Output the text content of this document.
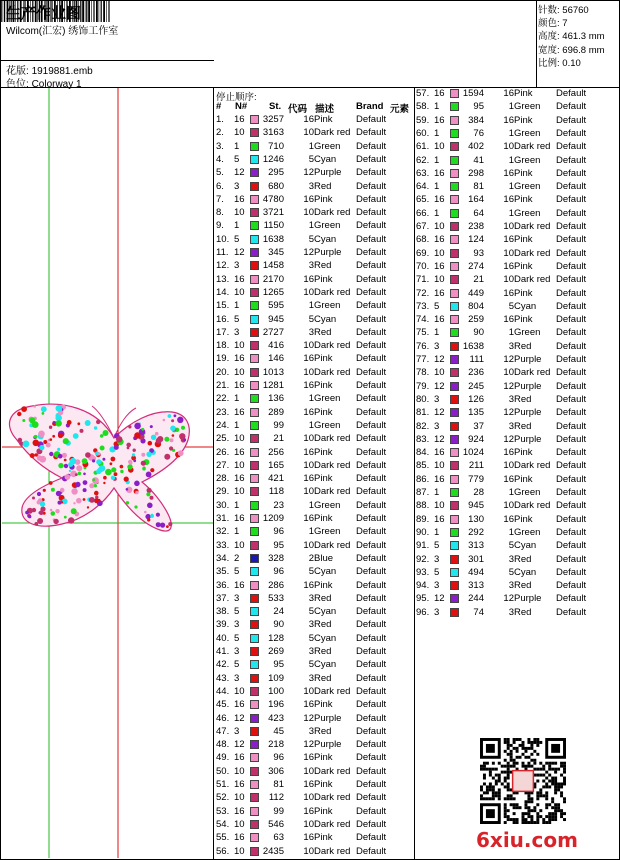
生产作业图
Wilcom(汇宏) 绣饰工作室
花版: 1919881.emb
色位: Colorway 1
针数: 56760
颜色: 7
高度: 461.3 mm
宽度: 696.8 mm
比例: 0.10
停止顺序:
# N# St. 代码 描述 Brand 元素
1. 16	3257	16 Pink Default
2. 10	3163	10 Dark red Default
3. 1	710	1 Green Default
4. 5	1246	5 Cyan Default
5. 12	295	12 Purple Default
6. 3	680	3 Red	Default
7. 16	4780	16 Pink Default
8. 10	3721	10 Dark red Default
9. 1	1150	1 Green Default
10. 5	1638	5 Cyan Default
11. 12	345	12 Purple Default
12. 3	1458	3 Red	Default
13. 16	2170	16 Pink Default
14. 10	1265	10 Dark red Default
15. 1	595	1 Green Default
16. 5	945	5 Cyan Default
17. 3	2727	3 Red	Default
18. 10	416	10 Dark red Default
19. 16	146	16 Pink Default
20. 10	1013	10 Dark red Default
21. 16	1281	16 Pink Default
22. 1	136	1 Green Default
23. 16	289	16 Pink Default
24. 1	99	1 Green Default
25. 10	21	10 Dark red Default
26. 16	256	16 Pink Default
27. 10	165	10 Dark red Default
28. 16	421	16 Pink Default
29. 10	118	10 Dark red Default
30. 1	23	1 Green Default
31. 16	1209	16 Pink Default
32. 1	96	1 Green Default
33. 10	95	10 Dark red Default
34. 2	328	2 Blue Default
35. 5	96	5 Cyan Default
36. 16	286	16 Pink Default
37. 3	533	3 Red	Default
38. 5	24	5 Cyan Default
39. 3	90	3 Red	Default
40. 5	128	5 Cyan Default
41. 3	269	3 Red	Default
42. 5	95	5 Cyan Default
43. 3	109	3 Red	Default
44. 10	100	10 Dark red Default
45. 16	196	16 Pink Default
46. 12	423	12 Purple Default
47. 3	45	3 Red	Default
48. 12	218	12 Purple Default
49. 16	96	16 Pink Default
50. 10	306	10 Dark red Default
51. 16	81	16 Pink Default
52. 10	112	10 Dark red Default
53. 16	99	16 Pink Default
54. 10	546	10 Dark red Default
55. 16	63	16 Pink Default
56. 10	2435	10 Dark red Default
57. 16	1594	16 Pink Default
58. 1	95	1 Green Default
59. 16	384	16 Pink Default
60. 1	76	1 Green Default
61. 10	402	10 Dark red Default
62. 1	41	1 Green Default
63. 16	298	16 Pink Default
64. 1	81	1 Green Default
65. 16	164	16 Pink Default
66. 1	64	1 Green Default
67. 10	238	10 Dark red Default
68. 16	124	16 Pink Default
69. 10	93	10 Dark red Default
70. 16	274	16 Pink Default
71. 10	21	10 Dark red Default
72. 16	449	16 Pink Default
73. 5	804	5 Cyan Default
74. 16	259	16 Pink Default
75. 1	90	1 Green Default
76. 3	1638	3 Red	Default
77. 12	111	12 Purple Default
78. 10	236	10 Dark red Default
79. 12	245	12 Purple Default
80. 3	126	3 Red	Default
81. 12	135	12 Purple Default
82. 3	37	3 Red	Default
83. 12	924	12 Purple Default
84. 16	1024	16 Pink Default
85. 10	211	10 Dark red Default
86. 16	779	16 Pink Default
87. 1	28	1 Green Default
88. 10	945	10 Dark red Default
89. 16	130	16 Pink Default
90. 1	292	1 Green Default
91. 5	313	5 Cyan Default
92. 3	301	3 Red	Default
93. 5	494	5 Cyan Default
94. 3	313	3 Red	Default
95. 12	244	12 Purple Default
96. 3	74	3 Red	Default
6xiu.com
